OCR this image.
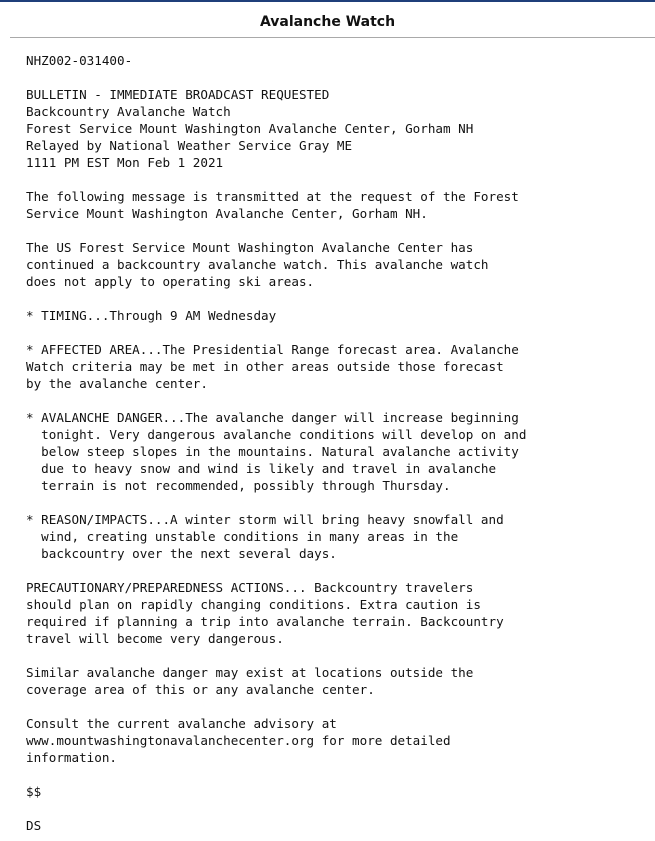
Avalanche Watch
NHZ002-031400-
BULLETIN - IMMEDIATE BROADCAST REQUESTED
Backcountry Avalanche Watch
Forest Service Mount Washington Avalanche Center, Gorham NH
Relayed by National Weather Service Gray ME
1111 PM EST Mon Feb 1 2021
The following message is transmitted at the request of the Forest
Service Mount Washington Avalanche Center, Gorham NH.
The US Forest Service Mount Washington Avalanche Center has
continued a backcountry avalanche watch. This avalanche watch
does not apply to operating ski areas.
* TIMING...Through 9 AM Wednesday
* AFFECTED AREA...The Presidential Range forecast area. Avalanche
Watch criteria may be met in other areas outside those forecast
by the avalanche center.
* AVALANCHE DANGER...The avalanche danger will increase beginning
tonight. Very dangerous avalanche conditions will develop on and
below steep slopes in the mountains. Natural avalanche activity
due to heavy snow and wind is likely and travel in avalanche
terrain is not recommended, possibly through Thursday.
* REASON/IMPACTS...A winter storm will bring heavy snowfall and
wind, creating unstable conditions in many areas in the
backcountry over the next several days.
PRECAUTIONARY/PREPAREDNESS ACTIONS... Backcountry travelers
should plan on rapidly changing conditions. Extra caution is
required if planning a trip into avalanche terrain. Backcountry
travel will become very dangerous.
Similar avalanche danger may exist at locations outside the
coverage area of this or any avalanche center.
Consult the current avalanche advisory at
www.mountwashingtonavalanchecenter.org for more detailed
information.
$$
DS
